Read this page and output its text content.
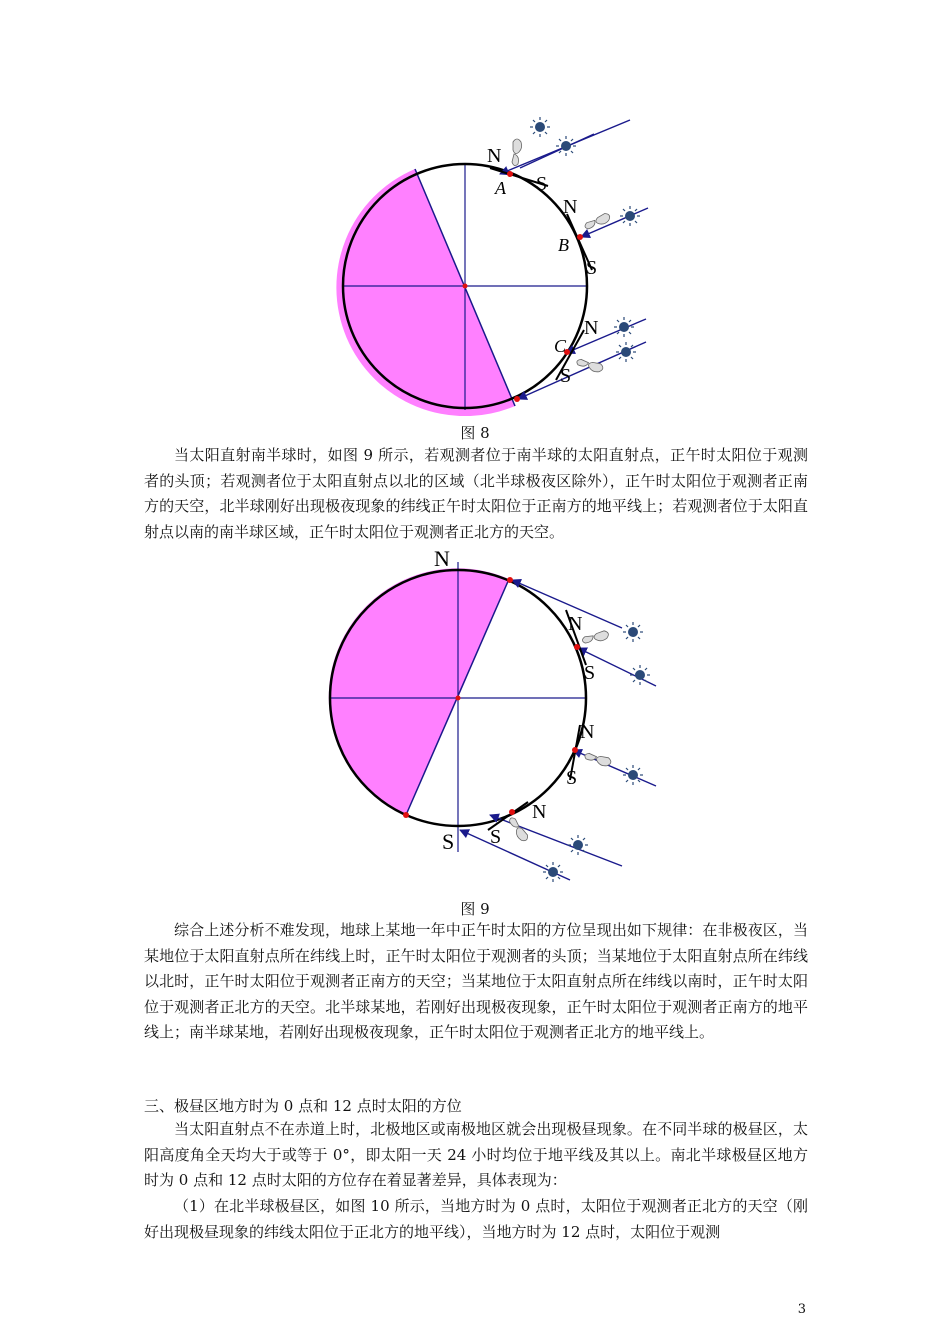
N
A S
N
B
S
N
C
S
图 8

当太阳直射南半球时，如图 9 所示，若观测者位于南半球的太阳直射点，正午时太阳位于观测者的头顶；若观测者位于太阳直射点以北的区域（北半球极夜区除外），正午时太阳位于观测者正南方的天空，北半球刚好出现极夜现象的纬线正午时太阳位于正南方的地平线上；若观测者位于太阳直射点以南的南半球区域，正午时太阳位于观测者正北方的天空。

N
S
N
S
N
S
N
S
图 9

综合上述分析不难发现，地球上某地一年中正午时太阳的方位呈现出如下规律：在非极夜区，当某地位于太阳直射点所在纬线上时，正午时太阳位于观测者的头顶；当某地位于太阳直射点所在纬线以北时，正午时太阳位于观测者正南方的天空；当某地位于太阳直射点所在纬线以南时，正午时太阳位于观测者正北方的天空。北半球某地，若刚好出现极夜现象，正午时太阳位于观测者正南方的地平线上；南半球某地，若刚好出现极夜现象，正午时太阳位于观测者正北方的地平线上。

三、极昼区地方时为 0 点和 12 点时太阳的方位

当太阳直射点不在赤道上时，北极地区或南极地区就会出现极昼现象。在不同半球的极昼区，太阳高度角全天均大于或等于 0°，即太阳一天 24 小时均位于地平线及其以上。南北半球极昼区地方时为 0 点和 12 点时太阳的方位存在着显著差异，具体表现为：

（1）在北半球极昼区，如图 10 所示，当地方时为 0 点时，太阳位于观测者正北方的天空（刚好出现极昼现象的纬线太阳位于正北方的地平线），当地方时为 12 点时，太阳位于观测

3
